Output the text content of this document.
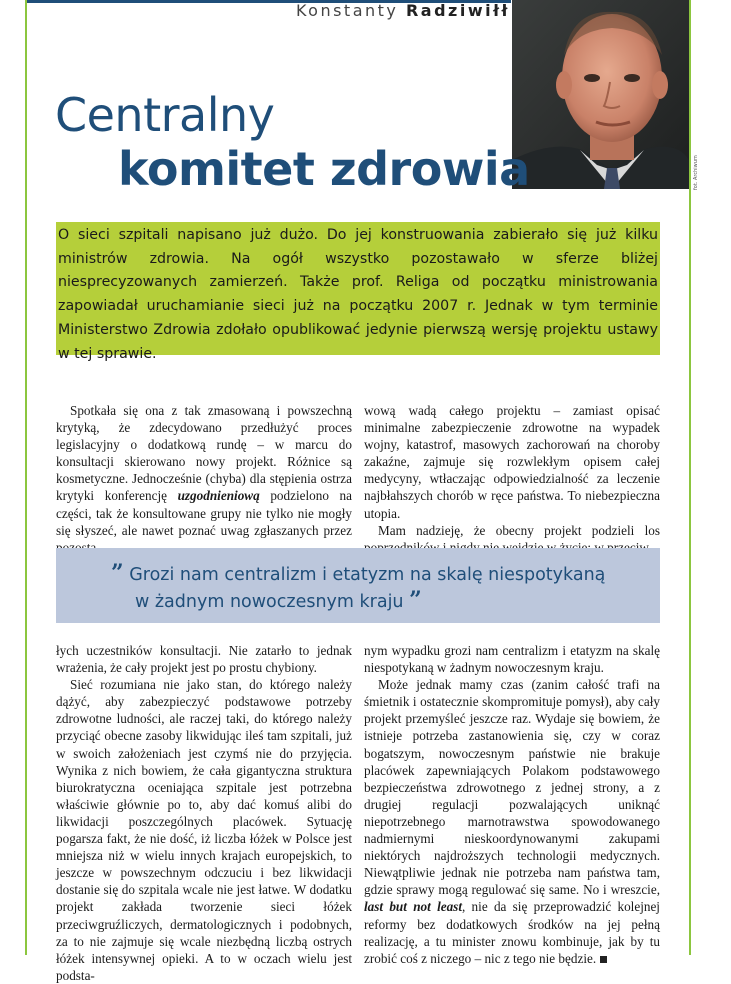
Konstanty Radziwiłł
fot. Archiwum
Centralny
komitet zdrowia
O sieci szpitali napisano już dużo. Do jej konstruowania zabierało się już kilku ministrów zdrowia. Na ogół wszystko pozostawało w sferze bliżej niesprecyzowanych zamierzeń. Także prof. Religa od początku ministrowania zapowiadał uruchamianie sieci już na początku 2007 r. Jednak w tym terminie Ministerstwo Zdrowia zdołało opublikować jedynie pierwszą wersję projektu ustawy w tej sprawie.

Spotkała się ona z tak zmasowaną i powszechną krytyką, że zdecydowano przedłużyć proces legislacyjny o dodatkową rundę – w marcu do konsultacji skierowano nowy projekt. Różnice są kosmetyczne. Jednocześnie (chyba) dla stępienia ostrza krytyki konferencję uzgodnieniową podzielono na części, tak że konsultowane grupy nie tylko nie mogły się słyszeć, ale nawet poznać uwag zgłaszanych przez

wową wadą całego projektu – zamiast opisać minimalne zabezpieczenie zdrowotne na wypadek wojny, katastrof, masowych zachorowań na choroby zakaźne, zajmuje się rozwlekłym opisem całej medycyny, wtłaczając odpowiedzialność za leczenie najbłahszych chorób w ręce państwa. To niebezpieczna utopia.

Mam nadzieję, że obecny projekt podzieli los

” Grozi nam centralizm i etatyzm na skalę niespotykaną
w żadnym nowoczesnym kraju ”

łych uczestników konsultacji. Nie zatarło to jednak wrażenia, że cały projekt jest po prostu chybiony.

Sieć rozumiana nie jako stan, do którego należy dążyć, aby zabezpieczyć podstawowe potrzeby zdrowotne ludności, ale raczej taki, do którego należy przyciąć obecne zasoby likwidując ileś tam szpitali, już w swoich założeniach jest czymś nie do przyjęcia. Wynika z nich bowiem, że cała gigantyczna struktura biurokratyczna oceniająca szpitale jest potrzebna właściwie głównie po to, aby dać komuś alibi do likwidacji poszczególnych placówek. Sytuację pogarsza fakt, że nie dość, iż liczba łóżek w Polsce jest mniejsza niż w wielu innych krajach europejskich, to jeszcze w powszechnym odczuciu i bez likwidacji dostanie się do szpitala wcale nie jest łatwe. W dodatku projekt zakłada tworzenie sieci łóżek przeciwgruźliczych, dermatologicznych i podobnych, za to nie zajmuje się wcale niezbędną liczbą ostrych łóżek intensywnej opieki. A to w oczach wielu jest podsta-

nym wypadku grozi nam centralizm i etatyzm na skalę niespotykaną w żadnym nowoczesnym kraju.

Może jednak mamy czas (zanim całość trafi na śmietnik i ostatecznie skompromituje pomysł), aby cały projekt przemyśleć jeszcze raz. Wydaje się bowiem, że istnieje potrzeba zastanowienia się, czy w coraz bogatszym, nowoczesnym państwie nie brakuje placówek zapewniających Polakom podstawowego bezpieczeństwa zdrowotnego z jednej strony, a z drugiej regulacji pozwalających uniknąć niepotrzebnego marnotrawstwa spowodowanego nadmiernymi nieskoordynowanymi zakupami niektórych najdroższych technologii medycznych. Niewątpliwie jednak nie potrzeba nam państwa tam, gdzie sprawy mogą regulować się same. No i wreszcie, last but not least, nie da się przeprowadzić kolejnej reformy bez dodatkowych środków na jej pełną realizację, a tu minister znowu kombinuje, jak by tu zrobić coś z niczego – nic z tego nie będzie.
